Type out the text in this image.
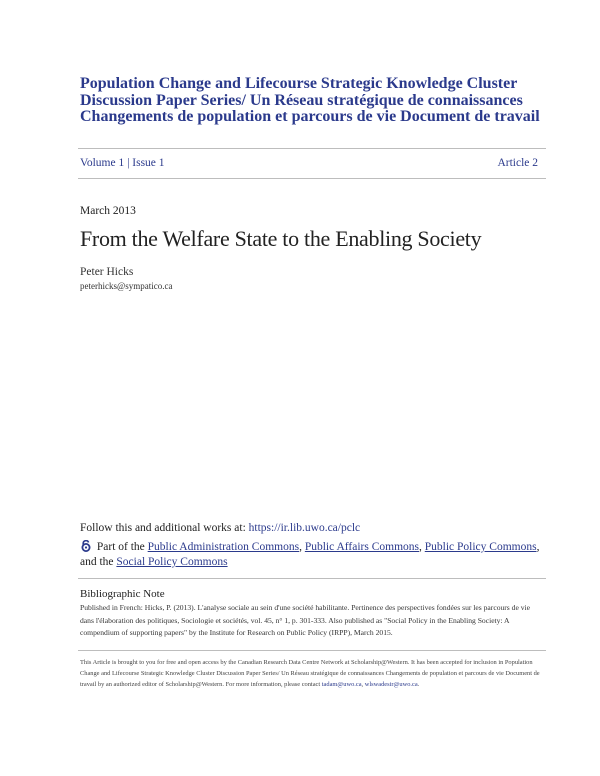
Population Change and Lifecourse Strategic Knowledge Cluster Discussion Paper Series/ Un Réseau stratégique de connaissances Changements de population et parcours de vie Document de travail
Volume 1 | Issue 1	Article 2
March 2013
From the Welfare State to the Enabling Society
Peter Hicks
peterhicks@sympatico.ca
Follow this and additional works at: https://ir.lib.uwo.ca/pclc
Part of the Public Administration Commons, Public Affairs Commons, Public Policy Commons, and the Social Policy Commons
Bibliographic Note
Published in French: Hicks, P. (2013). L'analyse sociale au sein d'une société habilitante. Pertinence des perspectives fondées sur les parcours de vie dans l'élaboration des politiques, Sociologie et sociétés, vol. 45, n° 1, p. 301-333. Also published as "Social Policy in the Enabling Society: A compendium of supporting papers" by the Institute for Research on Public Policy (IRPP), March 2015.
This Article is brought to you for free and open access by the Canadian Research Data Centre Network at Scholarship@Western. It has been accepted for inclusion in Population Change and Lifecourse Strategic Knowledge Cluster Discussion Paper Series/ Un Réseau stratégique de connaissances Changements de population et parcours de vie Document de travail by an authorized editor of Scholarship@Western. For more information, please contact tadam@uwo.ca, wlswadesir@uwo.ca.
